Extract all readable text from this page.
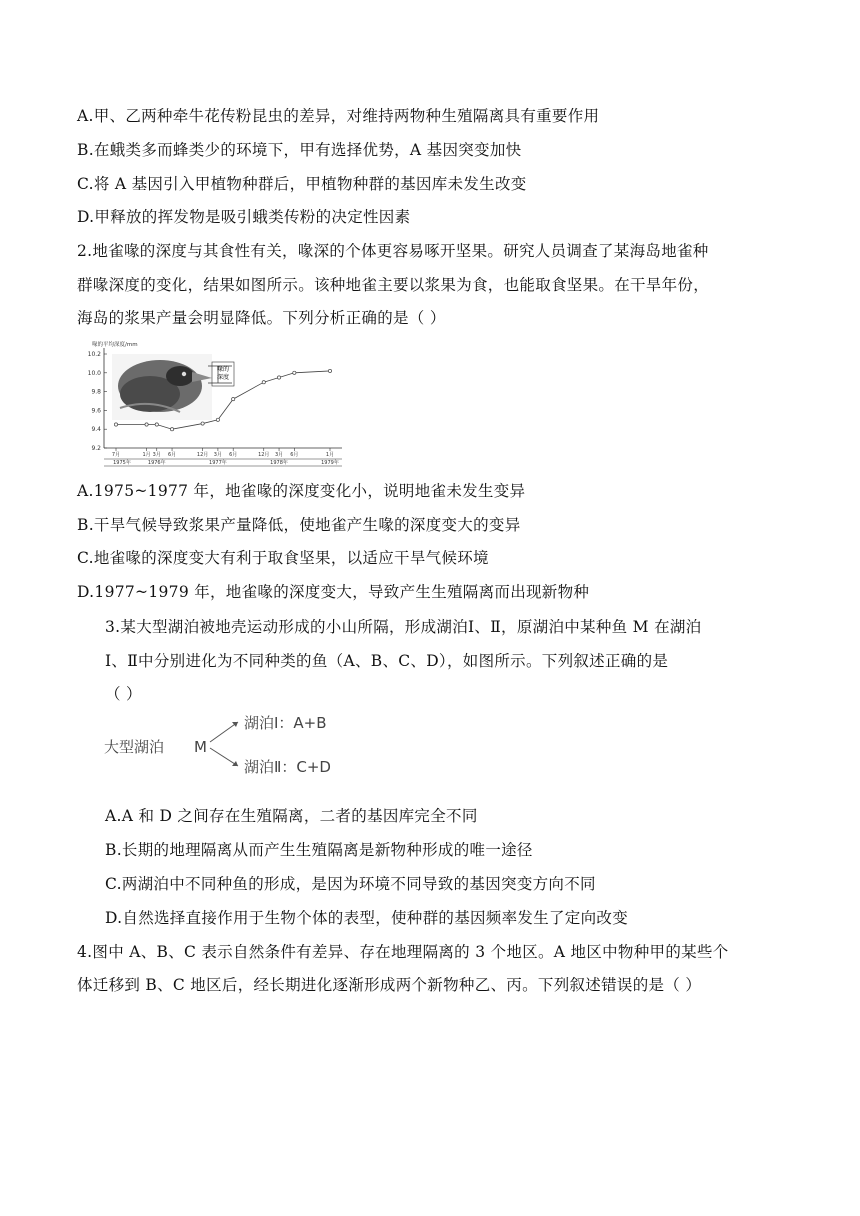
A.甲、乙两种牵牛花传粉昆虫的差异，对维持两物种生殖隔离具有重要作用
B.在蛾类多而蜂类少的环境下，甲有选择优势，A 基因突变加快
C.将 A 基因引入甲植物种群后，甲植物种群的基因库未发生改变
D.甲释放的挥发物是吸引蛾类传粉的决定性因素
2.地雀喙的深度与其食性有关，喙深的个体更容易啄开坚果。研究人员调查了某海岛地雀种
群喙深度的变化，结果如图所示。该种地雀主要以浆果为食，也能取食坚果。在干旱年份，
海岛的浆果产量会明显降低。下列分析正确的是（ ）
喙的深度
喙的平均深度/mm
10.2
10.0
9.8
9.6
9.4
9.2
7月	1月 3月 6月	12月 3月 6月	12月 3月 6月	1月
1975年	1976年	1977年	1978年	1979年
A.1975~1977 年，地雀喙的深度变化小，说明地雀未发生变异
B.干旱气候导致浆果产量降低，使地雀产生喙的深度变大的变异
C.地雀喙的深度变大有利于取食坚果，以适应干旱气候环境
D.1977~1979 年，地雀喙的深度变大，导致产生生殖隔离而出现新物种
3.某大型湖泊被地壳运动形成的小山所隔，形成湖泊Ⅰ、Ⅱ，原湖泊中某种鱼 M 在湖泊
Ⅰ、Ⅱ中分别进化为不同种类的鱼（A、B、C、D），如图所示。下列叙述正确的是
（ ）
大型湖泊 M
湖泊Ⅰ：A+B
湖泊Ⅱ：C+D
A.A 和 D 之间存在生殖隔离，二者的基因库完全不同
B.长期的地理隔离从而产生生殖隔离是新物种形成的唯一途径
C.两湖泊中不同种鱼的形成，是因为环境不同导致的基因突变方向不同
D.自然选择直接作用于生物个体的表型，使种群的基因频率发生了定向改变
4.图中 A、B、C 表示自然条件有差异、存在地理隔离的 3 个地区。A 地区中物种甲的某些个
体迁移到 B、C 地区后，经长期进化逐渐形成两个新物种乙、丙。下列叙述错误的是（ ）
